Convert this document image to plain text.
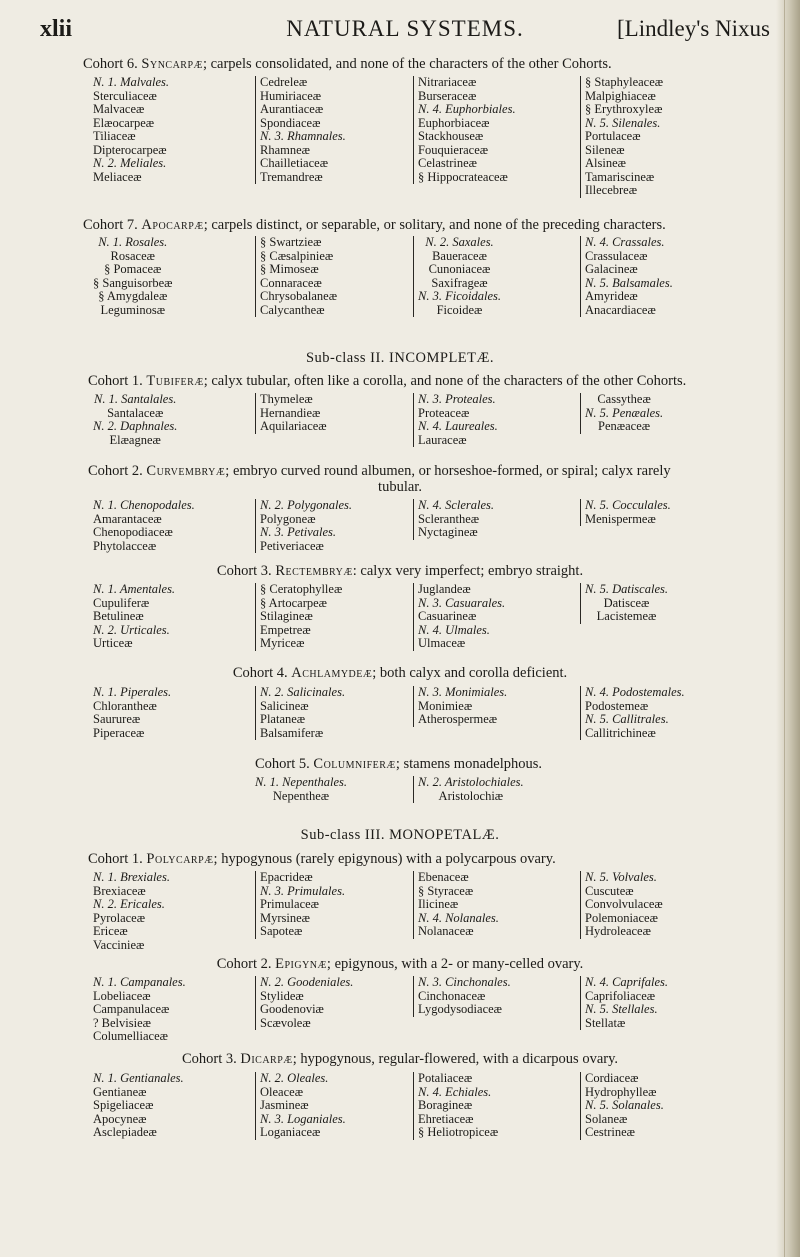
xlii	NATURAL SYSTEMS.	[Lindley's Nixus
Cohort 6. Syncarpæ; carpels consolidated, and none of the characters of the other Cohorts.
N. 1. Malvales.
Sterculiaceæ
Malvaceæ
Elæocarpeæ
Tiliaceæ
Dipterocarpeæ
N. 2. Meliales.
Meliaceæ
Cedreleæ
Humiriaceæ
Aurantiaceæ
Spondiaceæ
N. 3. Rhamnales.
Rhamneæ
Chailletiaceæ
Tremandreæ
Nitrariaceæ
Burseraceæ
N. 4. Euphorbiales.
Euphorbiaceæ
Stackhouseæ
Fouquieraceæ
Celastrineæ
§ Hippocrateaceæ
§ Staphyleaceæ
Malpighiaceæ
§ Erythroxyleæ
N. 5. Silenales.
Portulaceæ
Sileneæ
Alsineæ
Tamariscineæ
Illecebreæ
Cohort 7. Apocarpæ; carpels distinct, or separable, or solitary, and none of the preceding characters.
N. 1. Rosales.
Rosaceæ
§ Pomaceæ
§ Sanguisorbeæ
§ Amygdaleæ
Leguminosæ
§ Swartzieæ
§ Cæsalpinieæ
§ Mimoseæ
Connaraceæ
Chrysobalaneæ
Calycantheæ
N. 2. Saxales.
Baueraceæ
Cunoniaceæ
Saxifrageæ
N. 3. Ficoidales.
Ficoideæ
N. 4. Crassales.
Crassulaceæ
Galacineæ
N. 5. Balsamales.
Amyrideæ
Anacardiaceæ
Sub-class II. INCOMPLETÆ.
Cohort 1. Tubiferæ; calyx tubular, often like a corolla, and none of the characters of the other Cohorts.
N. 1. Santalales.
Santalaceæ
N. 2. Daphnales.
Elæagneæ
Thymeleæ
Hernandieæ
Aquilariaceæ
N. 3. Proteales.
Proteaceæ
N. 4. Laureales.
Lauraceæ
Cassytheæ
N. 5. Penæales.
Penæaceæ
Cohort 2. Curvembryæ; embryo curved round albumen, or horseshoe-formed, or spiral; calyx rarely
tubular.
N. 1. Chenopodales.
Amarantaceæ
Chenopodiaceæ
Phytolacceæ
N. 2. Polygonales.
Polygoneæ
N. 3. Petivales.
Petiveriaceæ
N. 4. Sclerales.
Scleranthеæ
Nyctagineæ
N. 5. Cocculales.
Menispermeæ
Cohort 3. Rectembryæ: calyx very imperfect; embryo straight.
N. 1. Amentales.
Cupuliferæ
Betulineæ
N. 2. Urticales.
Urticeæ
§ Ceratophylleæ
§ Artocarpeæ
Stilagineæ
Empetreæ
Myriceæ
Juglandeæ
N. 3. Casuarales.
Casuarineæ
N. 4. Ulmales.
Ulmaceæ
N. 5. Datiscales.
Datisceæ
Lacistemeæ
Cohort 4. Achlamydeæ; both calyx and corolla deficient.
N. 1. Piperales.
Chlorantheæ
Saurureæ
Piperaceæ
N. 2. Salicinales.
Salicineæ
Plataneæ
Balsamiferæ
N. 3. Monimiales.
Monimieæ
Atherospermeæ
N. 4. Podostemales.
Podostemeæ
N. 5. Callitrales.
Callitrichineæ
Cohort 5. Columniferæ; stamens monadelphous.
N. 1. Nepenthales.
Nepentheæ
N. 2. Aristolochiales.
Aristolochiæ
Sub-class III. MONOPETALÆ.
Cohort 1. Polycarpæ; hypogynous (rarely epigynous) with a polycarpous ovary.
N. 1. Brexiales.
Brexiaceæ
N. 2. Ericales.
Pyrolaceæ
Ericeæ
Vaccinieæ
Epacrideæ
N. 3. Primulales.
Primulaceæ
Myrsineæ
Sapoteæ
Ebenaceæ
§ Styraceæ
Ilicineæ
N. 4. Nolanales.
Nolanaceæ
N. 5. Volvales.
Cuscuteæ
Convolvulaceæ
Polemoniaceæ
Hydroleaceæ
Cohort 2. Epigynæ; epigynous, with a 2- or many-celled ovary.
N. 1. Campanales.
Lobeliaceæ
Campanulaceæ
? Belvisieæ
Columelliaceæ
N. 2. Goodeniales.
Stylideæ
Goodenoviæ
Scævoleæ
N. 3. Cinchonales.
Cinchonaceæ
Lygodysodiaceæ
N. 4. Caprifales.
Caprifoliaceæ
N. 5. Stellales.
Stellatæ
Cohort 3. Dicarpæ; hypogynous, regular-flowered, with a dicarpous ovary.
N. 1. Gentianales.
Gentianeæ
Spigeliaceæ
Apocyneæ
Asclepiadeæ
N. 2. Oleales.
Oleaceæ
Jasmineæ
N. 3. Loganiales.
Loganiaceæ
Potaliaceæ
N. 4. Echiales.
Boragineæ
Ehretiaceæ
§ Heliotropiceæ
Cordiaceæ
Hydrophylleæ
N. 5. Solanales.
Solaneæ
Cestrineæ
